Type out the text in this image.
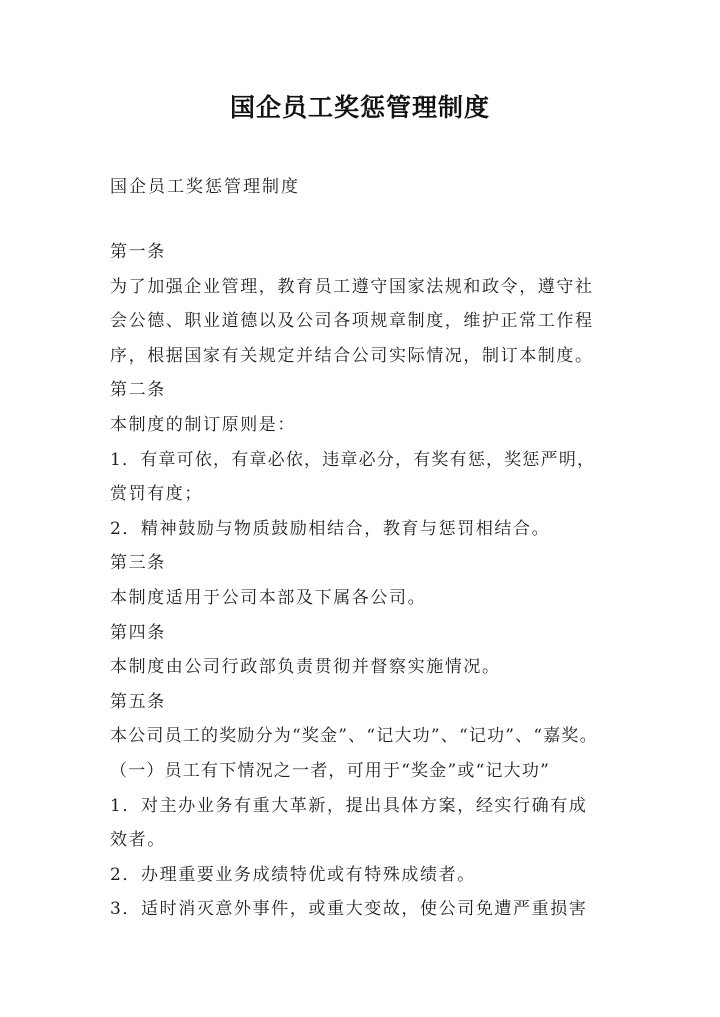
国企员工奖惩管理制度
国企员工奖惩管理制度
第一条
为了加强企业管理，教育员工遵守国家法规和政令，遵守社
会公德、职业道德以及公司各项规章制度，维护正常工作程
序，根据国家有关规定并结合公司实际情况，制订本制度。
第二条
本制度的制订原则是：
1．有章可依，有章必依，违章必分，有奖有惩，奖惩严明，
赏罚有度；
2．精神鼓励与物质鼓励相结合，教育与惩罚相结合。
第三条
本制度适用于公司本部及下属各公司。
第四条
本制度由公司行政部负责贯彻并督察实施情况。
第五条
本公司员工的奖励分为“奖金”、“记大功”、“记功”、“嘉奖。
（一）员工有下情况之一者，可用于“奖金”或“记大功”
1．对主办业务有重大革新，提出具体方案，经实行确有成
效者。
2．办理重要业务成绩特优或有特殊成绩者。
3．适时消灭意外事件，或重大变故，使公司免遭严重损害
